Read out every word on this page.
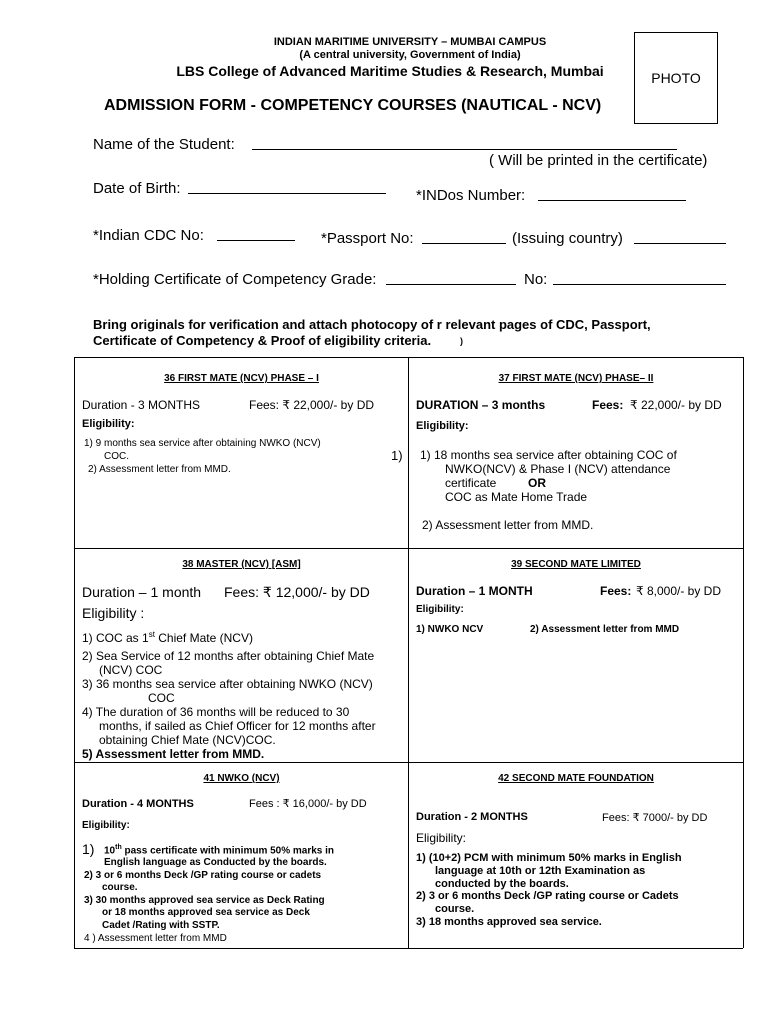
INDIAN MARITIME UNIVERSITY – MUMBAI CAMPUS
(A central university, Government of India)
LBS College of Advanced Maritime Studies & Research, Mumbai	PHOTO
ADMISSION FORM - COMPETENCY COURSES (NAUTICAL - NCV)
Name of the Student:
( Will be printed in the certificate)
Date of Birth:	*INDos Number:
*Indian CDC No:	*Passport No:	(Issuing country)
*Holding Certificate of Competency Grade:	No:
Bring originals for verification and attach photocopy of r relevant pages of CDC, Passport,
Certificate of Competency & Proof of eligibility criteria.	)
36 FIRST MATE (NCV) PHASE – I
Duration - 3 MONTHS	Fees: ₹ 22,000/- by DD
Eligibility:
1) 9 months sea service after obtaining NWKO (NCV)
COC.
2) Assessment letter from MMD.
1)
37 FIRST MATE (NCV) PHASE– II
DURATION – 3 months	Fees: ₹ 22,000/- by DD
Eligibility:
1) 18 months sea service after obtaining COC of
NWKO(NCV) & Phase I (NCV) attendance
certificate	OR
COC as Mate Home Trade
2) Assessment letter from MMD.
38 MASTER (NCV) [ASM]
Duration – 1 month Fees: ₹ 12,000/- by DD
Eligibility :
1) COC as 1st Chief Mate (NCV)
2) Sea Service of 12 months after obtaining Chief Mate
(NCV) COC
3) 36 months sea service after obtaining NWKO (NCV)
COC
4) The duration of 36 months will be reduced to 30
months, if sailed as Chief Officer for 12 months after
obtaining Chief Mate (NCV)COC.
5) Assessment letter from MMD.
39 SECOND MATE LIMITED
Duration – 1 MONTH	Fees: ₹ 8,000/- by DD
Eligibility:
1) NWKO NCV	2) Assessment letter from MMD
41 NWKO (NCV)
Duration - 4 MONTHS	Fees : ₹ 16,000/- by DD
Eligibility:
1) 10th pass certificate with minimum 50% marks in
English language as Conducted by the boards.
2) 3 or 6 months Deck /GP rating course or cadets
course.
3) 30 months approved sea service as Deck Rating
or 18 months approved sea service as Deck
Cadet /Rating with SSTP.
4 ) Assessment letter from MMD
42 SECOND MATE FOUNDATION
Duration - 2 MONTHS	Fees: ₹ 7000/- by DD
Eligibility:
1) (10+2) PCM with minimum 50% marks in English
language at 10th or 12th Examination as
conducted by the boards.
2) 3 or 6 months Deck /GP rating course or Cadets
course.
3) 18 months approved sea service.
